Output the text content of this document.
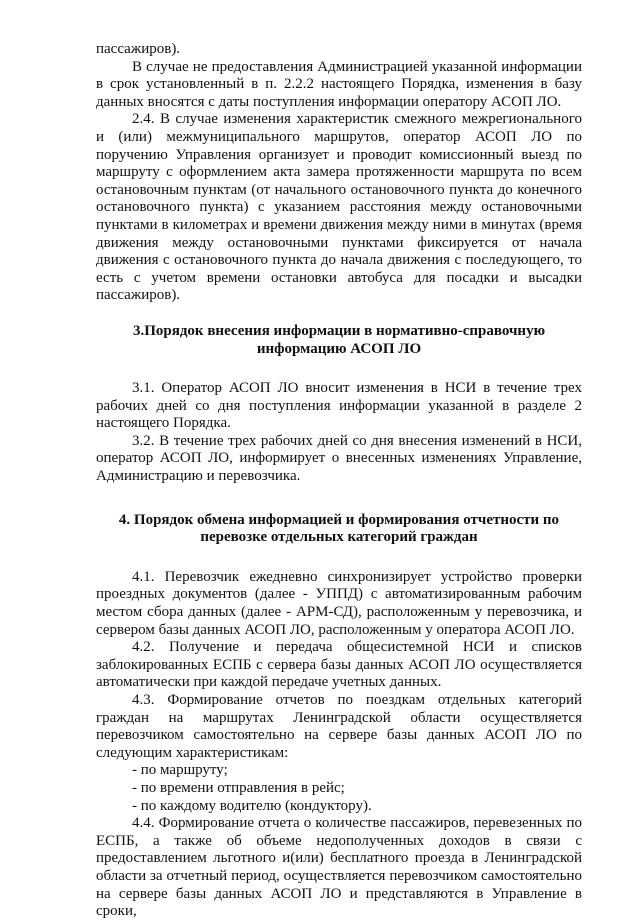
пассажиров).

В случае не предоставления Администрацией указанной информации в срок установленный в п. 2.2.2 настоящего Порядка, изменения в базу данных вносятся с даты поступления информации оператору АСОП ЛО.

2.4. В случае изменения характеристик смежного межрегионального и (или) межмуниципального маршрутов, оператор АСОП ЛО по поручению Управления организует и проводит комиссионный выезд по маршруту с оформлением акта замера протяженности маршрута по всем остановочным пунктам (от начального остановочного пункта до конечного остановочного пункта) с указанием расстояния между остановочными пунктами в километрах и времени движения между ними в минутах (время движения между остановочными пунктами фиксируется от начала движения с остановочного пункта до начала движения с последующего, то есть с учетом времени остановки автобуса для посадки и высадки пассажиров).

3.Порядок внесения информации в нормативно-справочную
информацию АСОП ЛО

3.1. Оператор АСОП ЛО вносит изменения в НСИ в течение трех рабочих дней со дня поступления информации указанной в разделе 2 настоящего Порядка.

3.2. В течение трех рабочих дней со дня внесения изменений в НСИ, оператор АСОП ЛО, информирует о внесенных изменениях Управление, Администрацию и перевозчика.

4. Порядок обмена информацией и формирования отчетности по
перевозке отдельных категорий граждан

4.1. Перевозчик ежедневно синхронизирует устройство проверки проездных документов (далее - УППД) с автоматизированным рабочим местом сбора данных (далее - АРМ-СД), расположенным у перевозчика, и сервером базы данных АСОП ЛО, расположенным у оператора АСОП ЛО.

4.2. Получение и передача общесистемной НСИ и списков заблокированных ЕСПБ с сервера базы данных АСОП ЛО осуществляется автоматически при каждой передаче учетных данных.

4.3. Формирование отчетов по поездкам отдельных категорий граждан на маршрутах Ленинградской области осуществляется перевозчиком самостоятельно на сервере базы данных АСОП ЛО по следующим характеристикам:

- по маршруту;

- по времени отправления в рейс;

- по каждому водителю (кондуктору).

4.4. Формирование отчета о количестве пассажиров, перевезенных по ЕСПБ, а также об объеме недополученных доходов в связи с предоставлением льготного и(или) бесплатного проезда в Ленинградской области за отчетный период, осуществляется перевозчиком самостоятельно на сервере базы данных АСОП ЛО и представляются в Управление в сроки,
